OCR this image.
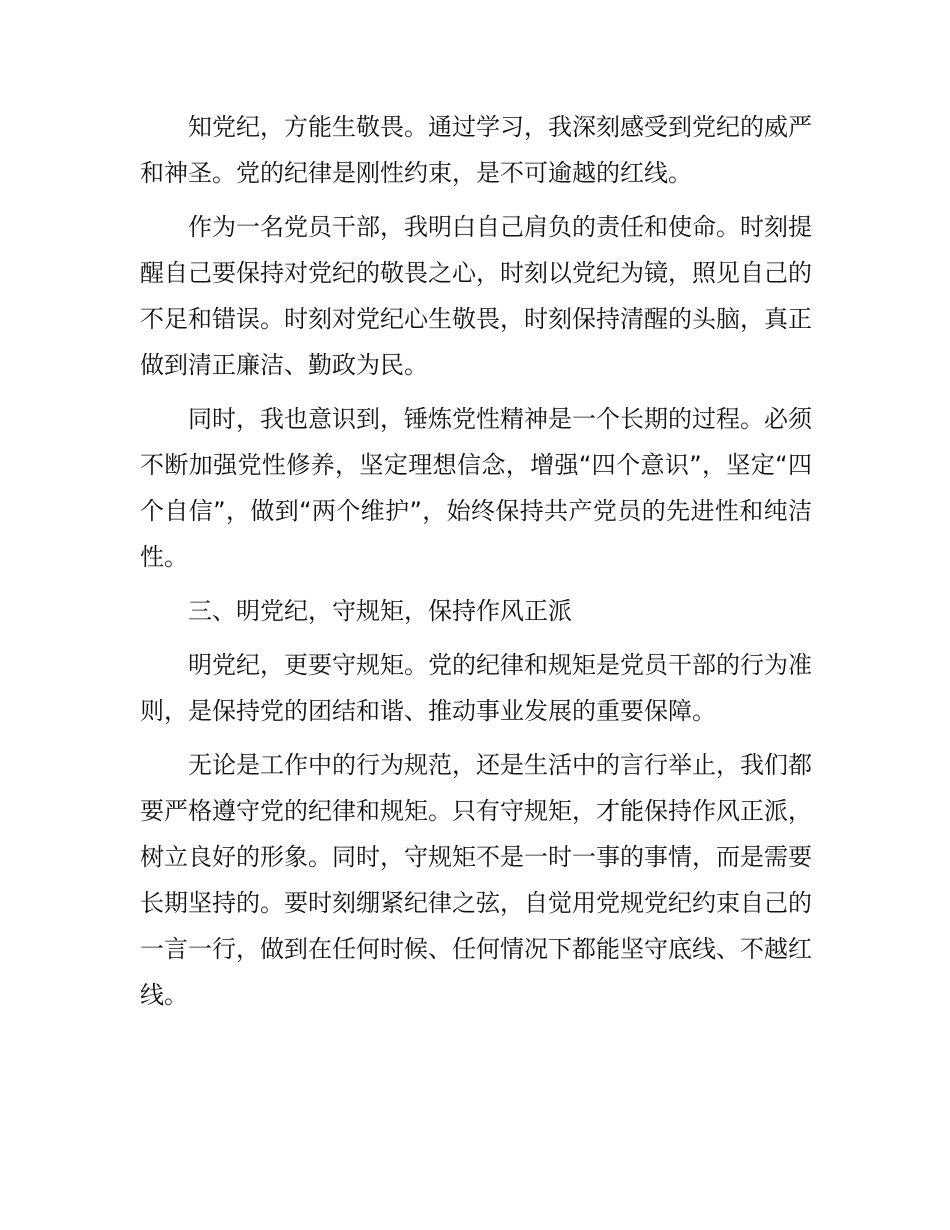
知党纪，方能生敬畏。通过学习，我深刻感受到党纪的威严和神圣。党的纪律是刚性约束，是不可逾越的红线。

作为一名党员干部，我明白自己肩负的责任和使命。时刻提醒自己要保持对党纪的敬畏之心，时刻以党纪为镜，照见自己的不足和错误。时刻对党纪心生敬畏，时刻保持清醒的头脑，真正做到清正廉洁、勤政为民。

同时，我也意识到，锤炼党性精神是一个长期的过程。必须不断加强党性修养，坚定理想信念，增强“四个意识”，坚定“四个自信”，做到“两个维护”，始终保持共产党员的先进性和纯洁性。

三、明党纪，守规矩，保持作风正派

明党纪，更要守规矩。党的纪律和规矩是党员干部的行为准则，是保持党的团结和谐、推动事业发展的重要保障。

无论是工作中的行为规范，还是生活中的言行举止，我们都要严格遵守党的纪律和规矩。只有守规矩，才能保持作风正派，树立良好的形象。同时，守规矩不是一时一事的事情，而是需要长期坚持的。要时刻绷紧纪律之弦，自觉用党规党纪约束自己的一言一行，做到在任何时候、任何情况下都能坚守底线、不越红线。
